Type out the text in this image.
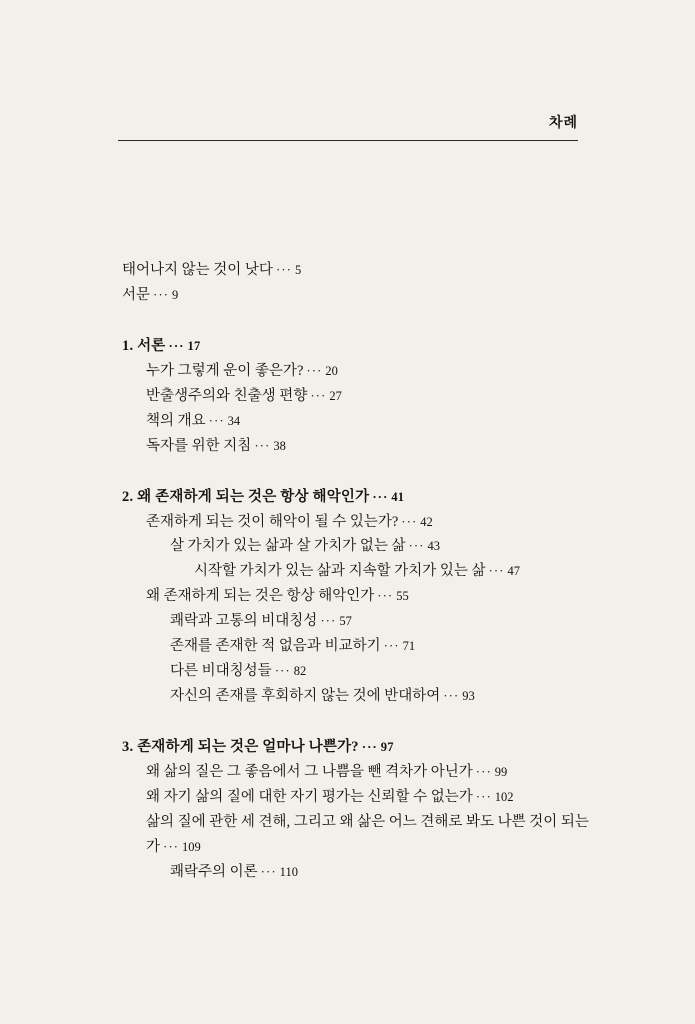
차례
태어나지 않는 것이 낫다 ··· 5
서문 ··· 9
1. 서론 ··· 17
누가 그렇게 운이 좋은가? ··· 20
반출생주의와 친출생 편향 ··· 27
책의 개요 ··· 34
독자를 위한 지침 ··· 38
2. 왜 존재하게 되는 것은 항상 해악인가 ··· 41
존재하게 되는 것이 해악이 될 수 있는가? ··· 42
살 가치가 있는 삶과 살 가치가 없는 삶 ··· 43
시작할 가치가 있는 삶과 지속할 가치가 있는 삶 ··· 47
왜 존재하게 되는 것은 항상 해악인가 ··· 55
쾌락과 고통의 비대칭성 ··· 57
존재를 존재한 적 없음과 비교하기 ··· 71
다른 비대칭성들 ··· 82
자신의 존재를 후회하지 않는 것에 반대하여 ··· 93
3. 존재하게 되는 것은 얼마나 나쁜가? ··· 97
왜 삶의 질은 그 좋음에서 그 나쁨을 뺀 격차가 아닌가 ··· 99
왜 자기 삶의 질에 대한 자기 평가는 신뢰할 수 없는가 ··· 102
삶의 질에 관한 세 견해, 그리고 왜 삶은 어느 견해로 봐도 나쁜 것이 되는가 ··· 109
쾌락주의 이론 ··· 110
